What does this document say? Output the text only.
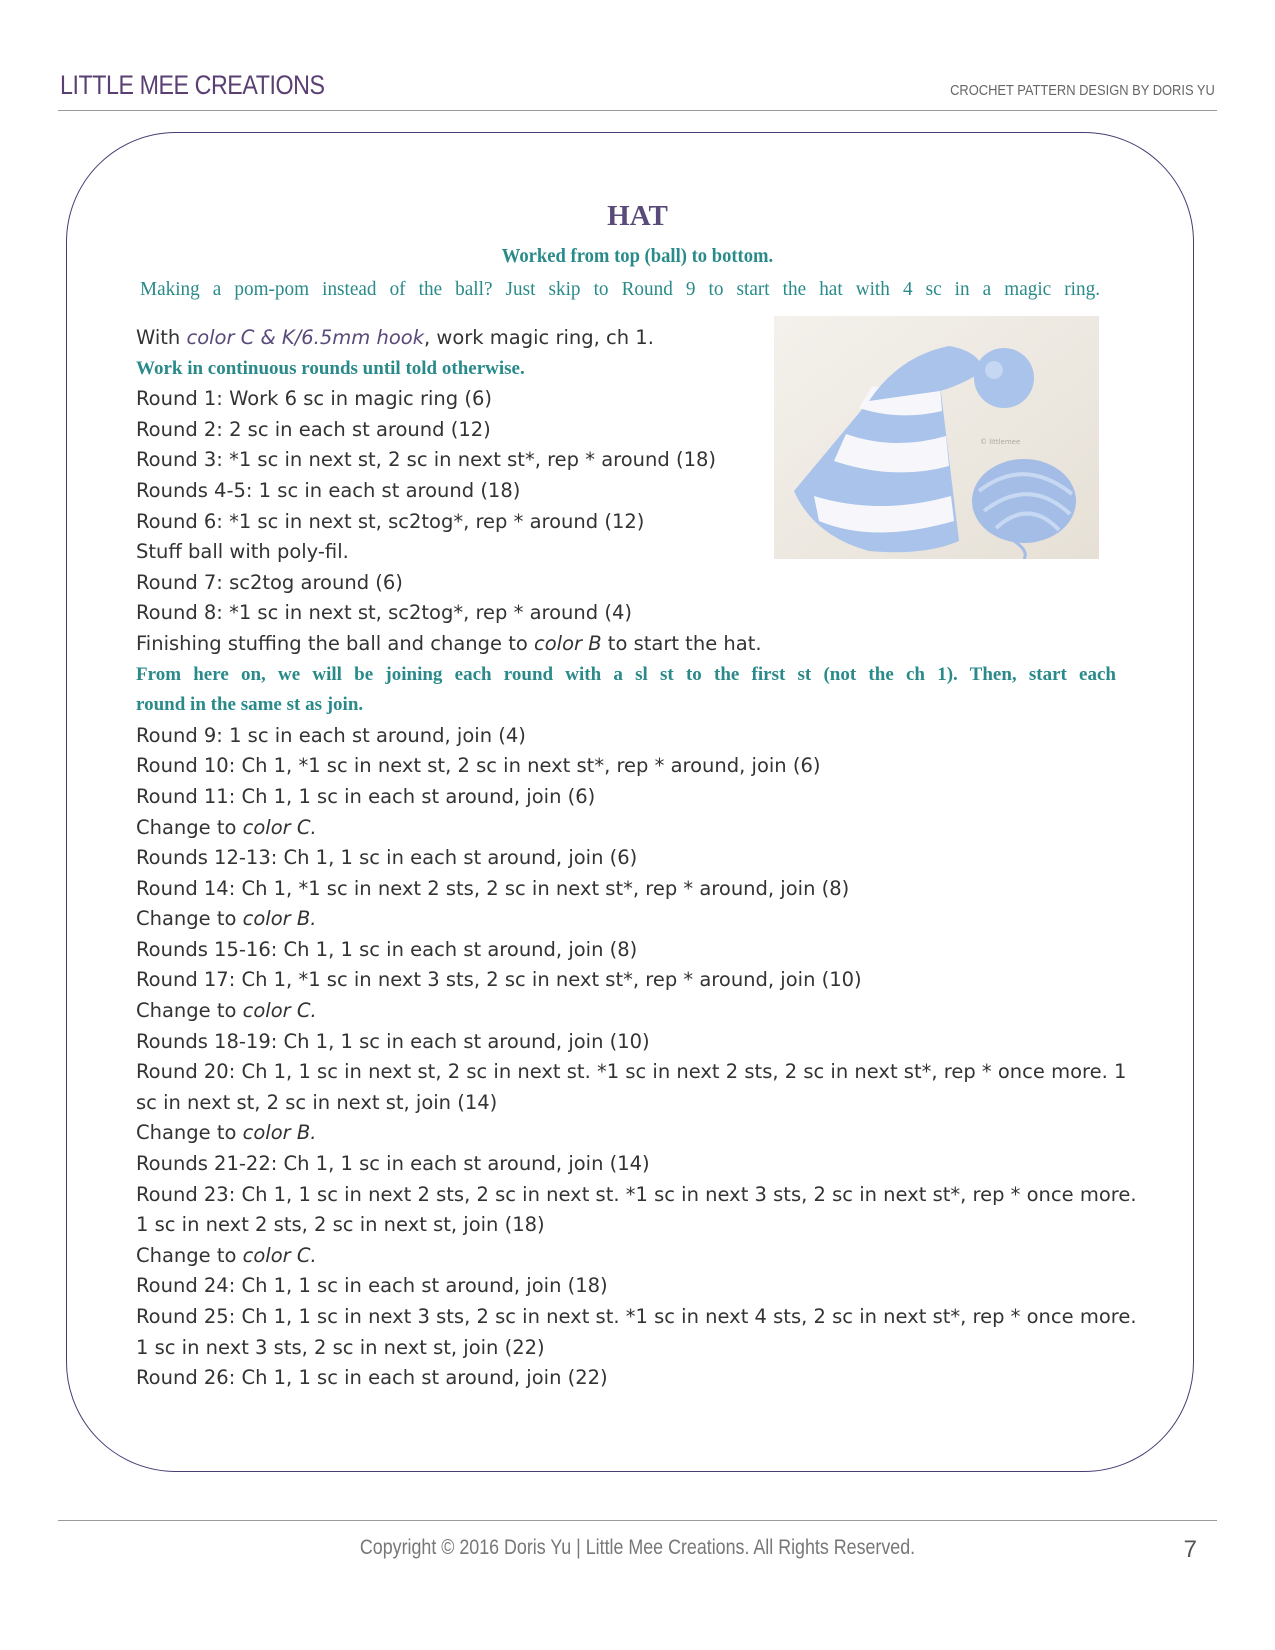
LITTLE MEE CREATIONS	CROCHET PATTERN DESIGN BY DORIS YU
HAT
Worked from top (ball) to bottom.
Making a pom-pom instead of the ball? Just skip to Round 9 to start the hat with 4 sc in a magic ring.
© littlemee
With color C & K/6.5mm hook, work magic ring, ch 1.
Work in continuous rounds until told otherwise.
Round 1: Work 6 sc in magic ring (6)
Round 2: 2 sc in each st around (12)
Round 3: *1 sc in next st, 2 sc in next st*, rep * around (18)
Rounds 4-5: 1 sc in each st around (18)
Round 6: *1 sc in next st, sc2tog*, rep * around (12)
Stuff ball with poly-fil.
Round 7: sc2tog around (6)
Round 8: *1 sc in next st, sc2tog*, rep * around (4)
Finishing stuffing the ball and change to color B to start the hat.
From here on, we will be joining each round with a sl st to the first st (not the ch 1). Then, start each
round in the same st as join.
Round 9: 1 sc in each st around, join (4)
Round 10: Ch 1, *1 sc in next st, 2 sc in next st*, rep * around, join (6)
Round 11: Ch 1, 1 sc in each st around, join (6)
Change to color C.
Rounds 12-13: Ch 1, 1 sc in each st around, join (6)
Round 14: Ch 1, *1 sc in next 2 sts, 2 sc in next st*, rep * around, join (8)
Change to color B.
Rounds 15-16: Ch 1, 1 sc in each st around, join (8)
Round 17: Ch 1, *1 sc in next 3 sts, 2 sc in next st*, rep * around, join (10)
Change to color C.
Rounds 18-19: Ch 1, 1 sc in each st around, join (10)
Round 20: Ch 1, 1 sc in next st, 2 sc in next st. *1 sc in next 2 sts, 2 sc in next st*, rep * once more. 1
sc in next st, 2 sc in next st, join (14)
Change to color B.
Rounds 21-22: Ch 1, 1 sc in each st around, join (14)
Round 23: Ch 1, 1 sc in next 2 sts, 2 sc in next st. *1 sc in next 3 sts, 2 sc in next st*, rep * once more.
1 sc in next 2 sts, 2 sc in next st, join (18)
Change to color C.
Round 24: Ch 1, 1 sc in each st around, join (18)
Round 25: Ch 1, 1 sc in next 3 sts, 2 sc in next st. *1 sc in next 4 sts, 2 sc in next st*, rep * once more.
1 sc in next 3 sts, 2 sc in next st, join (22)
Round 26: Ch 1, 1 sc in each st around, join (22)
Copyright © 2016 Doris Yu | Little Mee Creations. All Rights Reserved.	7
